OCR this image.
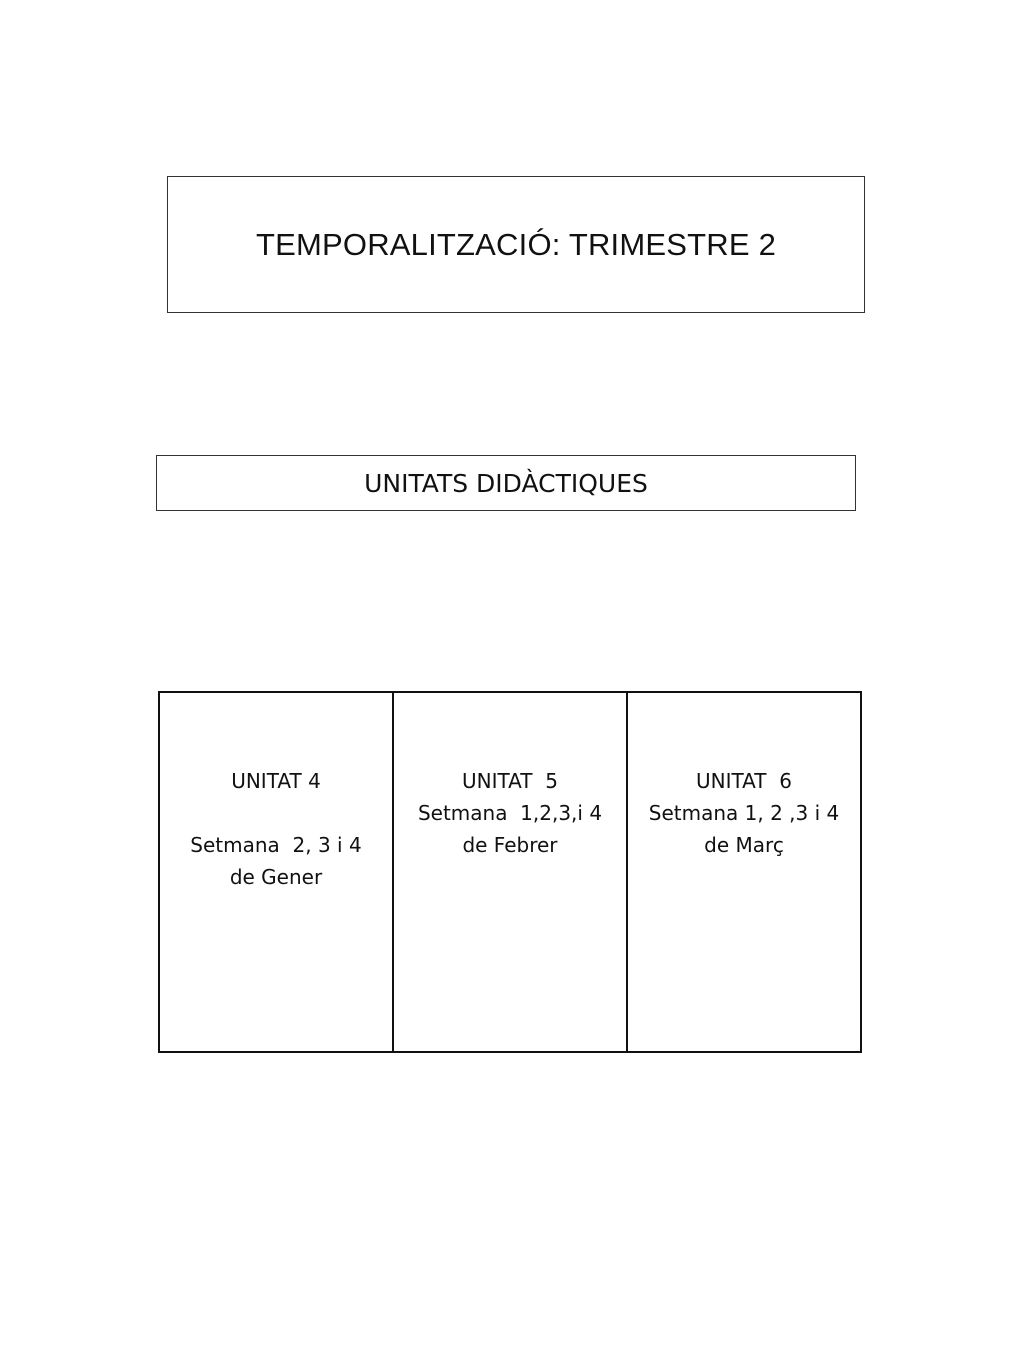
TEMPORALITZACIÓ: TRIMESTRE 2
UNITATS DIDÀCTIQUES
UNITAT 4
Setmana  2, 3 i 4
de Gener
UNITAT  5
Setmana  1,2,3,i 4
de Febrer
UNITAT  6
Setmana 1, 2 ,3 i 4
de Març
